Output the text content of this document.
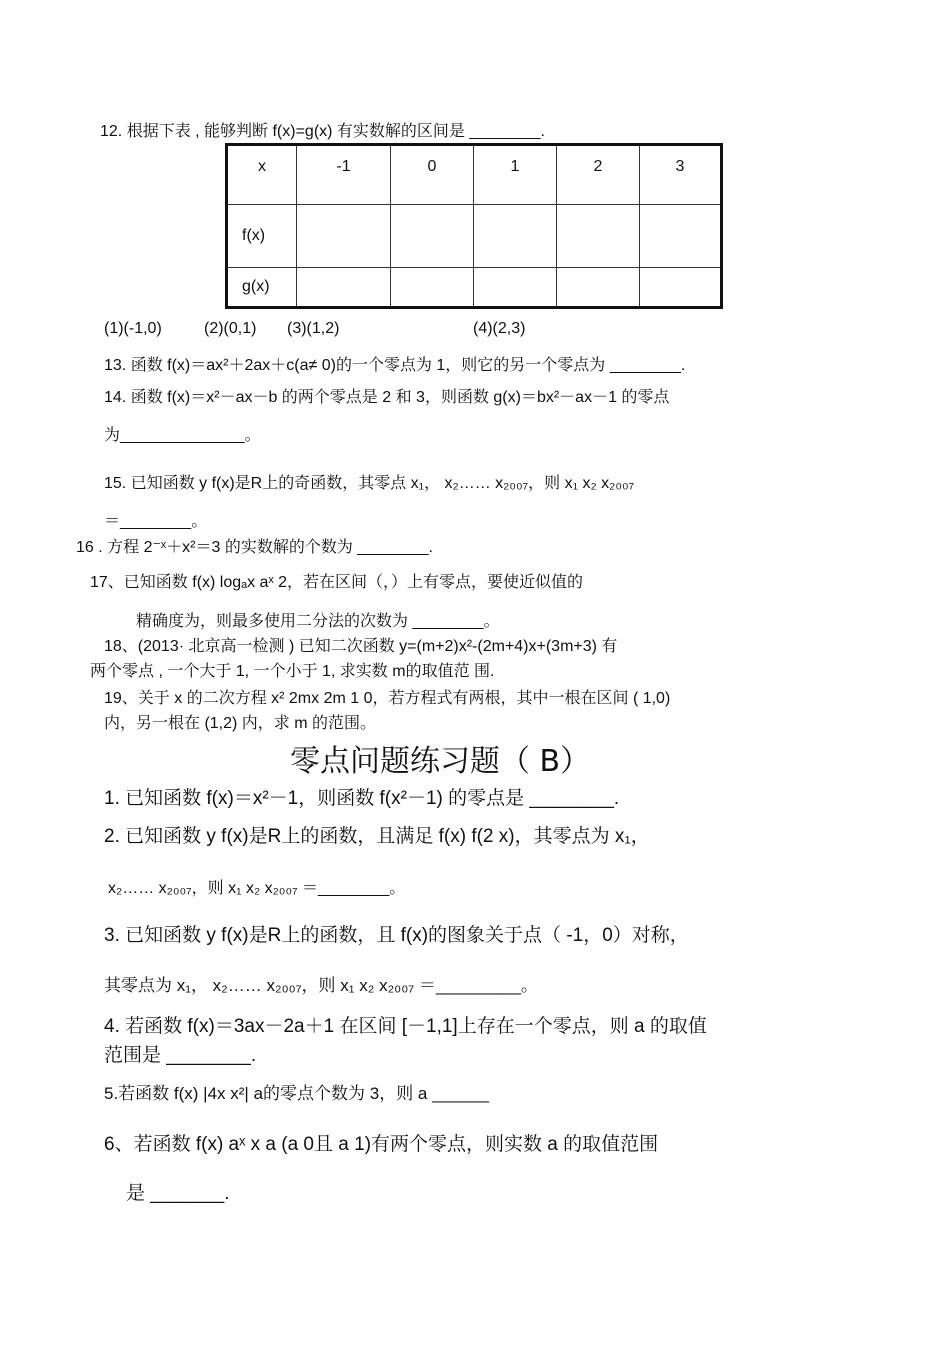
12. 根据下表 , 能够判断 f(x)=g(x) 有实数解的区间是 ________.
x	-1	0	1	2	3
f(x)					
g(x)					
(1)(-1,0)	(2)(0,1) (3)(1,2)	(4)(2,3)
13. 函数 f(x)＝ax²＋2ax＋c(a≠ 0)的一个零点为 1，则它的另一个零点为 ________.
14. 函数 f(x)＝x²－ax－b 的两个零点是 2 和 3，则函数 g(x)＝bx²－ax－1 的零点
为______________。
15. 已知函数 y f(x)是R上的奇函数，其零点 x₁， x₂…… x₂₀₀₇，则 x₁ x₂ x₂₀₀₇
＝________。
16 . 方程 2⁻ˣ＋x²＝3 的实数解的个数为 ________.
17、已知函数 f(x) logₐx aˣ 2，若在区间（，）上有零点，要使近似值的
精确度为，则最多使用二分法的次数为 ________。
18、(2013· 北京高一检测 ) 已知二次函数 y=(m+2)x²-(2m+4)x+(3m+3) 有
两个零点 , 一个大于 1, 一个小于 1, 求实数 m的取值范 围.
19、关于 x 的二次方程 x² 2mx 2m 1 0，若方程式有两根，其中一根在区间 ( 1,0)
内，另一根在 (1,2) 内，求 m 的范围。
零点问题练习题（ B）
1. 已知函数 f(x)＝x²－1，则函数 f(x²－1) 的零点是 ________.
2. 已知函数 y f(x)是R上的函数，且满足 f(x) f(2 x)，其零点为 x₁，
x₂…… x₂₀₀₇，则 x₁ x₂ x₂₀₀₇ ＝________。
3. 已知函数 y f(x)是R上的函数，且 f(x)的图象关于点（ -1，0）对称，
其零点为 x₁， x₂…… x₂₀₀₇，则 x₁ x₂ x₂₀₀₇ ＝_________。
4. 若函数 f(x)＝3ax－2a＋1 在区间 [－1,1]上存在一个零点，则 a 的取值
范围是 ________.
5.若函数 f(x) |4x x²| a的零点个数为 3，则 a ______
6、若函数 f(x) aˣ x a (a 0且 a 1)有两个零点，则实数 a 的取值范围
是 _______.
